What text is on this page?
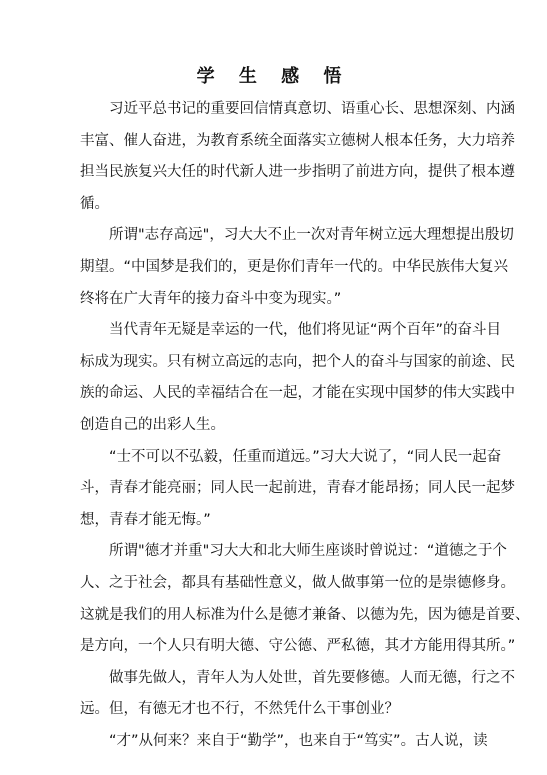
学 生 感 悟
　　习近平总书记的重要回信情真意切、语重心长、思想深刻、内涵
丰富、催人奋进，为教育系统全面落实立德树人根本任务，大力培养
担当民族复兴大任的时代新人进一步指明了前进方向，提供了根本遵
循。
　　所谓"志存高远"，习大大不止一次对青年树立远大理想提出殷切
期望。“中国梦是我们的，更是你们青年一代的。中华民族伟大复兴
终将在广大青年的接力奋斗中变为现实。”
　　当代青年无疑是幸运的一代，他们将见证“两个百年”的奋斗目
标成为现实。只有树立高远的志向，把个人的奋斗与国家的前途、民
族的命运、人民的幸福结合在一起，才能在实现中国梦的伟大实践中
创造自己的出彩人生。
　　“士不可以不弘毅，任重而道远。”习大大说了，“同人民一起奋
斗，青春才能亮丽；同人民一起前进，青春才能昂扬；同人民一起梦
想，青春才能无悔。”
　　所谓"德才并重"习大大和北大师生座谈时曾说过：“道德之于个
人、之于社会，都具有基础性意义，做人做事第一位的是崇德修身。
这就是我们的用人标准为什么是德才兼备、以德为先，因为德是首要、
是方向，一个人只有明大德、守公德、严私德，其才方能用得其所。”
　　做事先做人，青年人为人处世，首先要修德。人而无德，行之不
远。但，有德无才也不行，不然凭什么干事创业？
　　“才”从何来？来自于“勤学”，也来自于“笃实”。古人说，读
